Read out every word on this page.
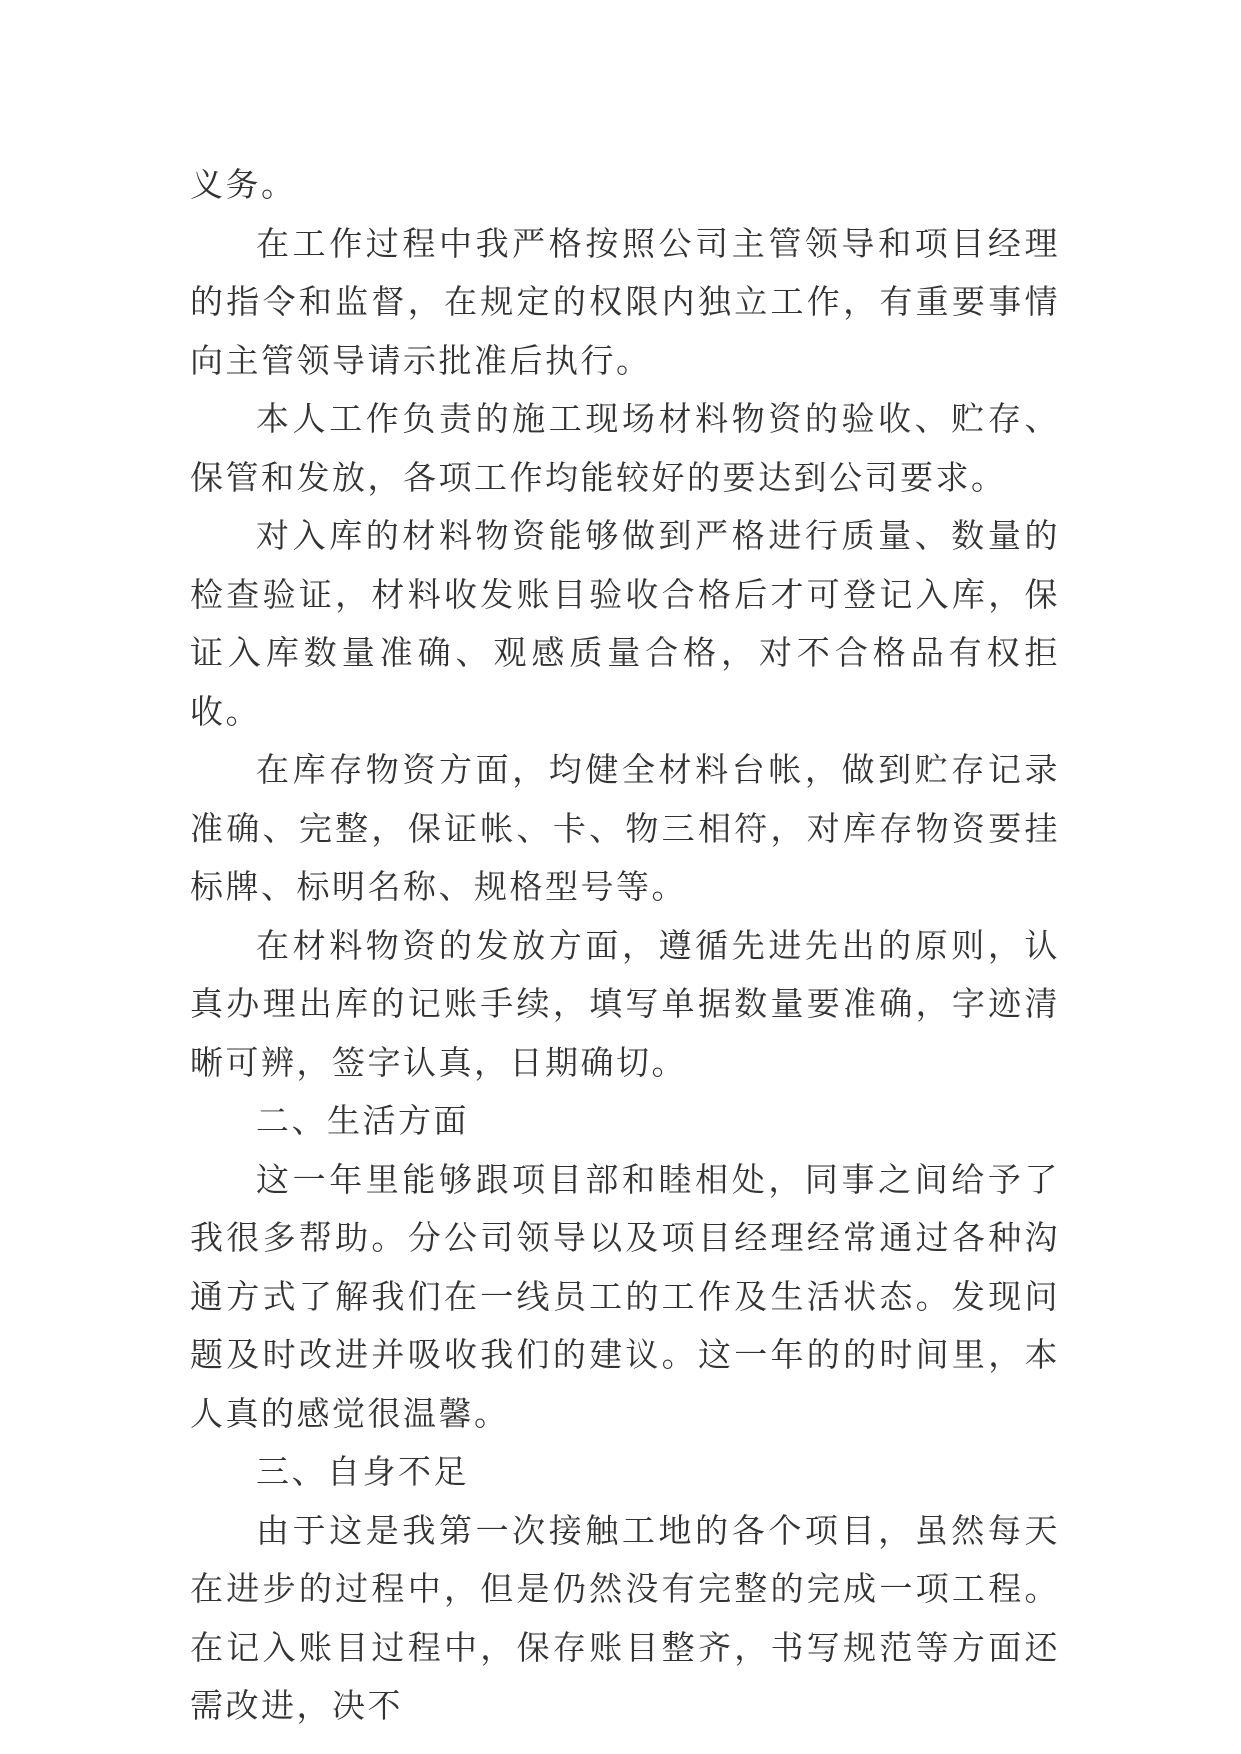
义务。

在工作过程中我严格按照公司主管领导和项目经理的指令和监督，在规定的权限内独立工作，有重要事情向主管领导请示批准后执行。

本人工作负责的施工现场材料物资的验收、贮存、保管和发放，各项工作均能较好的要达到公司要求。

对入库的材料物资能够做到严格进行质量、数量的检查验证，材料收发账目验收合格后才可登记入库，保证入库数量准确、观感质量合格，对不合格品有权拒收。

在库存物资方面，均健全材料台帐，做到贮存记录准确、完整，保证帐、卡、物三相符，对库存物资要挂标牌、标明名称、规格型号等。

在材料物资的发放方面，遵循先进先出的原则，认真办理出库的记账手续，填写单据数量要准确，字迹清晰可辨，签字认真，日期确切。

二、生活方面

这一年里能够跟项目部和睦相处，同事之间给予了我很多帮助。分公司领导以及项目经理经常通过各种沟通方式了解我们在一线员工的工作及生活状态。发现问题及时改进并吸收我们的建议。这一年的的时间里，本人真的感觉很温馨。

三、自身不足

由于这是我第一次接触工地的各个项目，虽然每天在进步的过程中，但是仍然没有完整的完成一项工程。在记入账目过程中，保存账目整齐，书写规范等方面还需改进，决不
